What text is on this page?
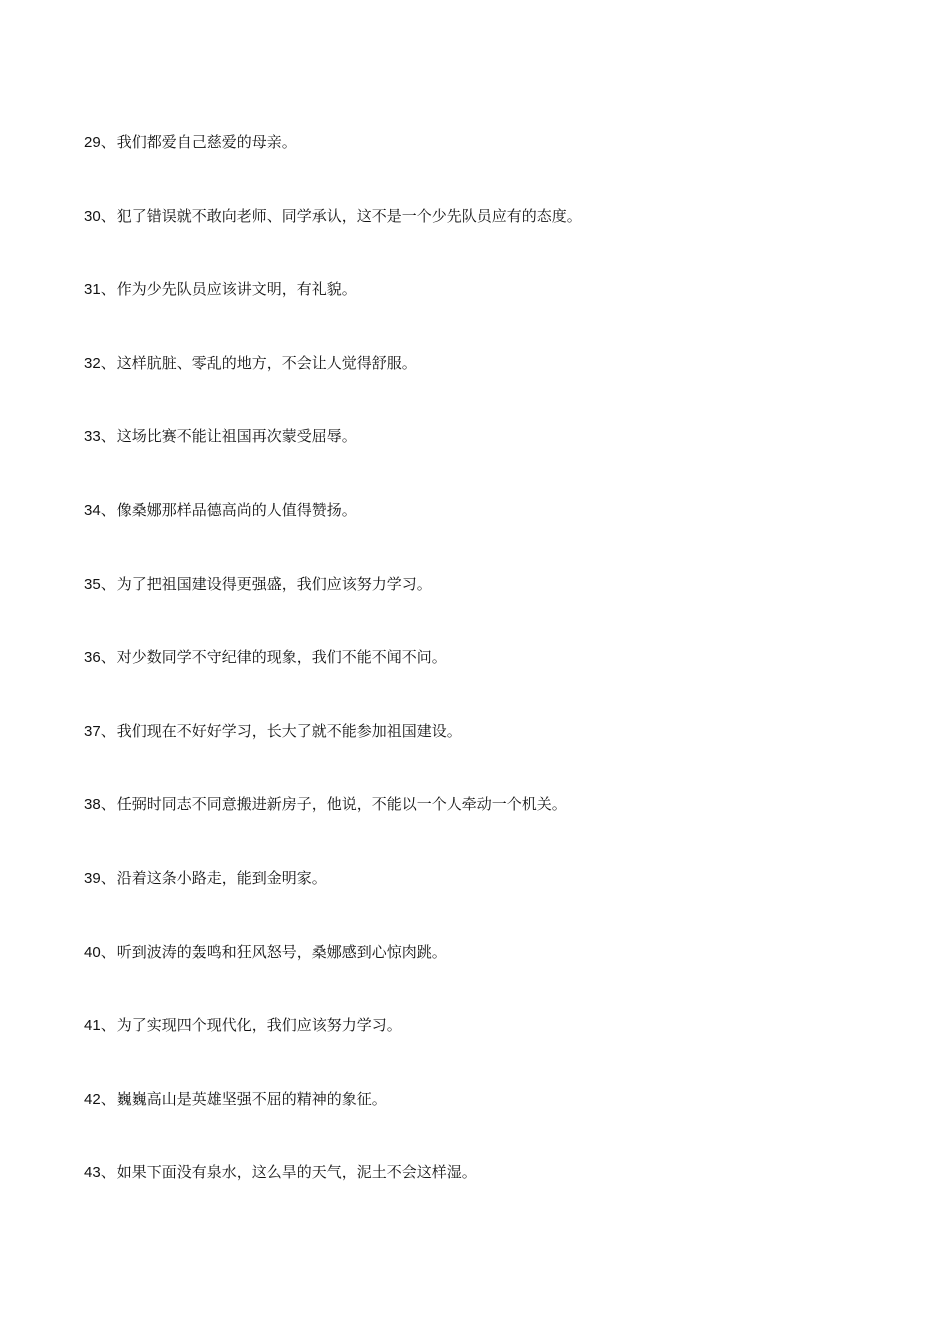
29、我们都爱自己慈爱的母亲。
30、犯了错误就不敢向老师、同学承认，这不是一个少先队员应有的态度。
31、作为少先队员应该讲文明，有礼貌。
32、这样肮脏、零乱的地方，不会让人觉得舒服。
33、这场比赛不能让祖国再次蒙受屈辱。
34、像桑娜那样品德高尚的人值得赞扬。
35、为了把祖国建设得更强盛，我们应该努力学习。
36、对少数同学不守纪律的现象，我们不能不闻不问。
37、我们现在不好好学习，长大了就不能参加祖国建设。
38、任弼时同志不同意搬进新房子，他说，不能以一个人牵动一个机关。
39、沿着这条小路走，能到金明家。
40、听到波涛的轰鸣和狂风怒号，桑娜感到心惊肉跳。
41、为了实现四个现代化，我们应该努力学习。
42、巍巍高山是英雄坚强不屈的精神的象征。
43、如果下面没有泉水，这么旱的天气，泥土不会这样湿。
